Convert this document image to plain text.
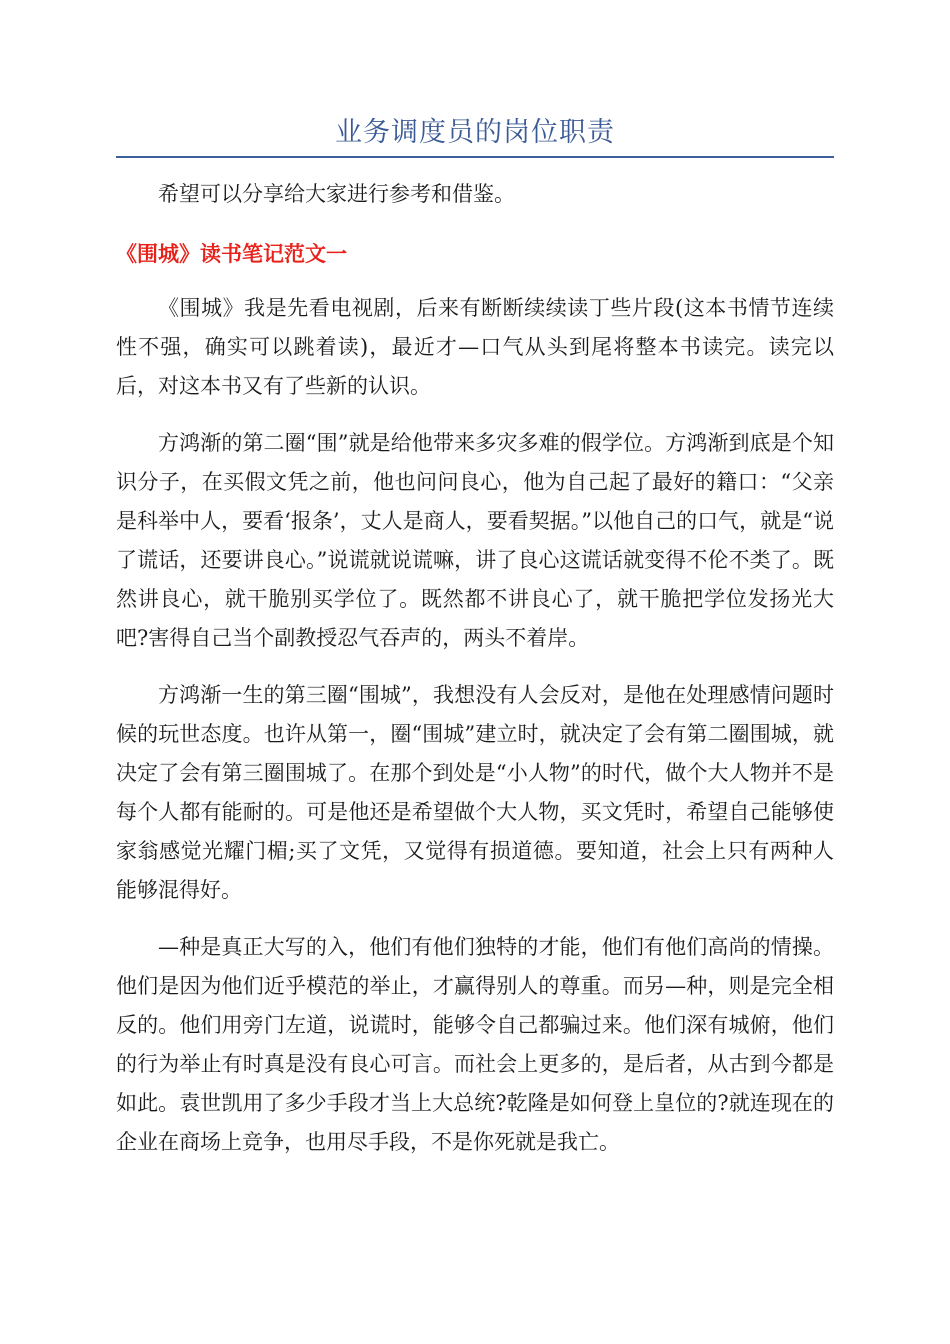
业务调度员的岗位职责

希望可以分享给大家进行参考和借鉴。

《围城》读书笔记范文一

《围城》我是先看电视剧，后来有断断续续读丁些片段(这本书情节连续性不强，确实可以跳着读)，最近才—口气从头到尾将整本书读完。读完以后，对这本书又有了些新的认识。

方鸿渐的第二圈“围”就是给他带来多灾多难的假学位。方鸿渐到底是个知识分子，在买假文凭之前，他也问问良心，他为自己起了最好的籍口：“父亲是科举中人，要看‘报条’，丈人是商人，要看契据。”以他自己的口气，就是“说了谎话，还要讲良心。”说谎就说谎嘛，讲了良心这谎话就变得不伦不类了。既然讲良心，就干脆别买学位了。既然都不讲良心了，就干脆把学位发扬光大吧?害得自己当个副教授忍气吞声的，两头不着岸。

方鸿渐一生的第三圈“围城”，我想没有人会反对，是他在处理感情问题时候的玩世态度。也许从第一，圈“围城”建立时，就决定了会有第二圈围城，就决定了会有第三圈围城了。在那个到处是“小人物”的时代，做个大人物并不是每个人都有能耐的。可是他还是希望做个大人物，买文凭时，希望自己能够使家翁感觉光耀门楣;买了文凭，又觉得有损道德。要知道，社会上只有两种人能够混得好。

—种是真正大写的入，他们有他们独特的才能，他们有他们高尚的情操。他们是因为他们近乎模范的举止，才赢得别人的尊重。而另—种，则是完全相反的。他们用旁门左道，说谎时，能够令自己都骗过来。他们深有城俯，他们的行为举止有时真是没有良心可言。而社会上更多的，是后者，从古到今都是如此。袁世凯用了多少手段才当上大总统?乾隆是如何登上皇位的?就连现在的企业在商场上竞争，也用尽手段，不是你死就是我亡。
